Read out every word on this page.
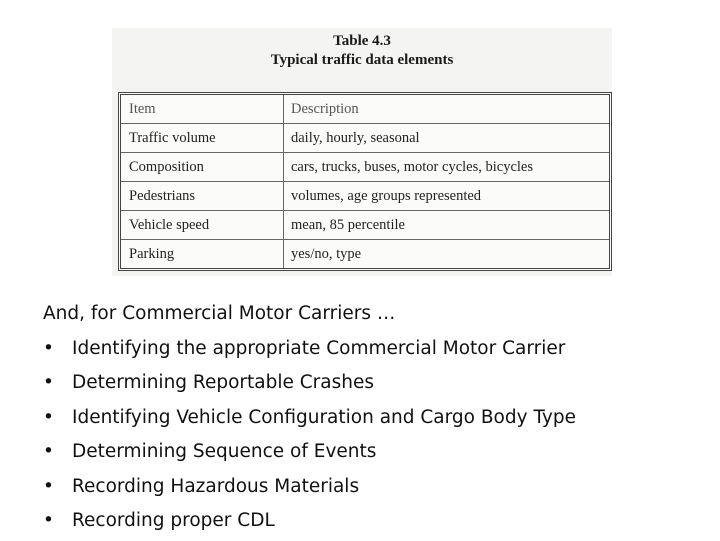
Table 4.3
Typical traffic data elements
Item	Description
Traffic volume	daily, hourly, seasonal
Composition	cars, trucks, buses, motor cycles, bicycles
Pedestrians	volumes, age groups represented
Vehicle speed	mean, 85 percentile
Parking	yes/no, type
And, for Commercial Motor Carriers …
• Identifying the appropriate Commercial Motor Carrier
• Determining Reportable Crashes
• Identifying Vehicle Configuration and Cargo Body Type
• Determining Sequence of Events
• Recording Hazardous Materials
• Recording proper CDL
